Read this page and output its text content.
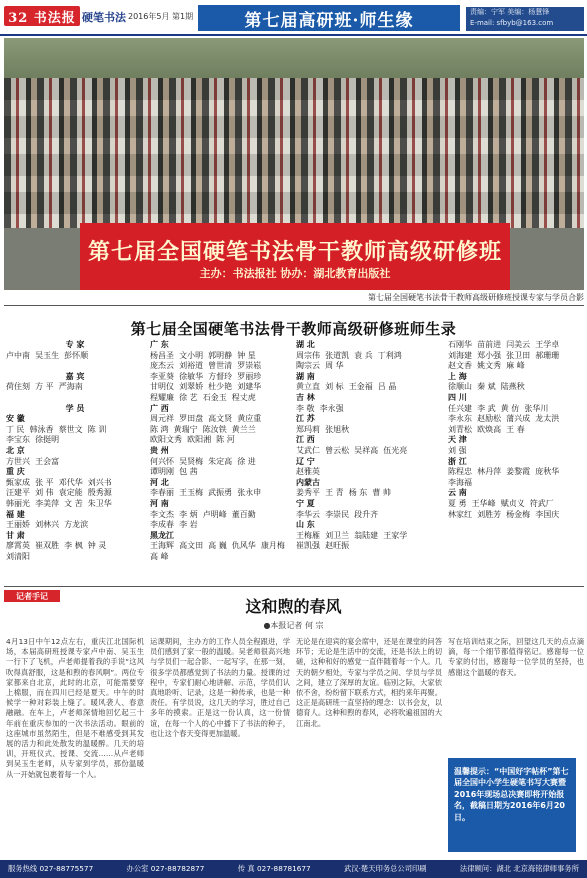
32 书法报 硬笔书法 2016年5月 第1期	第七届高研班·师生缘	责编：宁军 美编：杨慧锋
E-mail: sfbyb@163.com
第七届全国硬笔书法骨干教师高级研修班
主办：书法报社 协办：湖北教育出版社
第七届全国硬笔书法骨干教师高级研修班授课专家与学员合影
第七届全国硬笔书法骨干教师高级研修班师生录
专 家
卢中南  吴玉生  彭怀顺

嘉 宾
荷住刻  方 平  严海南

学 员
安 徽
丁 民  韩泳香  蔡世文  陈 训
李宝东  徐挺明
北 京
方世兴  王会富
重 庆
甄家成  张 平  邓代华  刘兴书
汪建平  刘 伟  袁定能  殷秀源
韩丽光  李美萍  文 苦  朱卫华
福 建
王丽娇  刘林兴  方龙滨
甘 肃
廖霄英  崔双胜  李 枫  钟 灵
刘清阳
广 东
杨昌圣  文小明  郭明静  钟 星
庞杰云  刘裕道  曾世清  罗崇崧
李亚葵  徐敏华  方督玲  罗丽珍
甘明仪  刘翠娇  杜少艳  刘建华
程耀廉  徐 艺  石金玉  程丈虎
广 西
周元祥  罗田盘  高文贤  黄应重
陈 鸿  黄瑞宁  陈汝铁  黄兰兰
欧阳文秀  欧阳湘  陈 河
贵 州
何兴怀  吴贤梅  朱定高  徐 进
谭明刚  包 茜
河 北
李春丽  王玉梅  武振勇  张永申
河 南
李文杰  李 炳  卢明峰  董百勤
李成春  李 岩
黑龙江
王海辉  高文田  高 巍  仇风华  康月梅
高 峰
湖 北
周宗伟  张道凯  袁 兵  丁利鸿
陶宗云  周 华
湖 南
黄立直  刘 标  王金福  吕 晶
吉 林
李 敬  李永强
江 苏
郑玛莉  张旭秋
江 西
艾武仁  曾云松  吴祥高  伍光亮
辽 宁
赵雅英
内蒙古
姜秀平  王 青  杨 东  曹 帅
宁 夏
李华云  李崇民  段升齐
山 东
王梅雁  刘卫兰  翁陆建  王家学
崔凯强  赵旺振
石刚华  苗前进  闫美云  王学卓
刘海建  郑小强  张卫田  郝珊珊
赵文香  姚文秀  麻 峰
上 海
徐顺山  秦 斌  陆燕秋
四 川
任兴建  李 武  黄 仿  张华川
李永东  赵励松  蒲兴成  龙太洪
刘青松  欧焕高  王 春
天 津
刘 强
浙 江
陈程忠  林丹萍  姜黎霞  庞秋华
李海福
云 南
夏 勇  王华峰  赋贞义  符武厂
林家红  刘胜芳  杨金梅  李国庆
记者手记
这和煦的春风
●本报记者 何 宗
4月13日中午12点左右，重庆江北国际机场，本届高研班授课专家卢中南、吴玉生一行下了飞机，卢老师提着我的手说“这风吹得真舒服，这是和煦的春风啊”。两位专家都来自北京，此时的北京，可能需要穿上棉服，而在四川已经是夏天。中午的时候学一种对彩装上缝了。暖风袭人、春意融融。在车上，卢老师深情地回忆起三十年前在重庆参加的一次书法活动。眼前的这座城市虽然陌生，但是不难感受到其发展的活力和此处散发的温暖醉。几天的培训，开班仪式、授课、交流……从卢老师到吴玉生老师，从专家到学员，那份温暖从一开始就包裹着每一个人。
运课期间，主办方的工作人员全程跟进，学员们感到了家一般的温暖。吴老师很高兴地与学员们一起合影、一起写字，在那一刻，很多学员都感觉到了书法的力量。授课的过程中，专家们耐心地讲解、示范，学员们认真地聆听、记录，这是一种传承，也是一种责任。有学员说，这几天的学习，胜过自己多年的摸索。正是这一份认真，这一份情谊，在每一个人的心中播下了书法的种子，也让这个春天变得更加温暖。
无论是在迎宾的宴会席中，还是在课堂的问答环节；无论是生活中的交流，还是书法上的切磋，这种和好的感觉一直伴随着每一个人。几天的朝夕相处，专家与学员之间、学员与学员之间，建立了深厚的友谊。临别之际，大家依依不舍，纷纷留下联系方式，相约来年再聚。这正是高研班一直坚持的理念：以书会友，以德育人。这种和煦的春风，必将吹遍祖国的大江南北。
写在培训结束之际，回望这几天的点点滴滴，每一个细节都值得铭记。感谢每一位专家的付出，感谢每一位学员的坚持，也感谢这个温暖的春天。
温馨提示：“中国好字帖杯”第七届全国中小学生硬笔书写大赛暨2016年现场总决赛即将开始报名，截稿日期为2016年6月20日。
服务热线 027-88775577	办公室 027-88782877	传 真 027-88781677	武汉·楚天印务总公司印刷	法律顾问：湖北 北京海铭律师事务所
